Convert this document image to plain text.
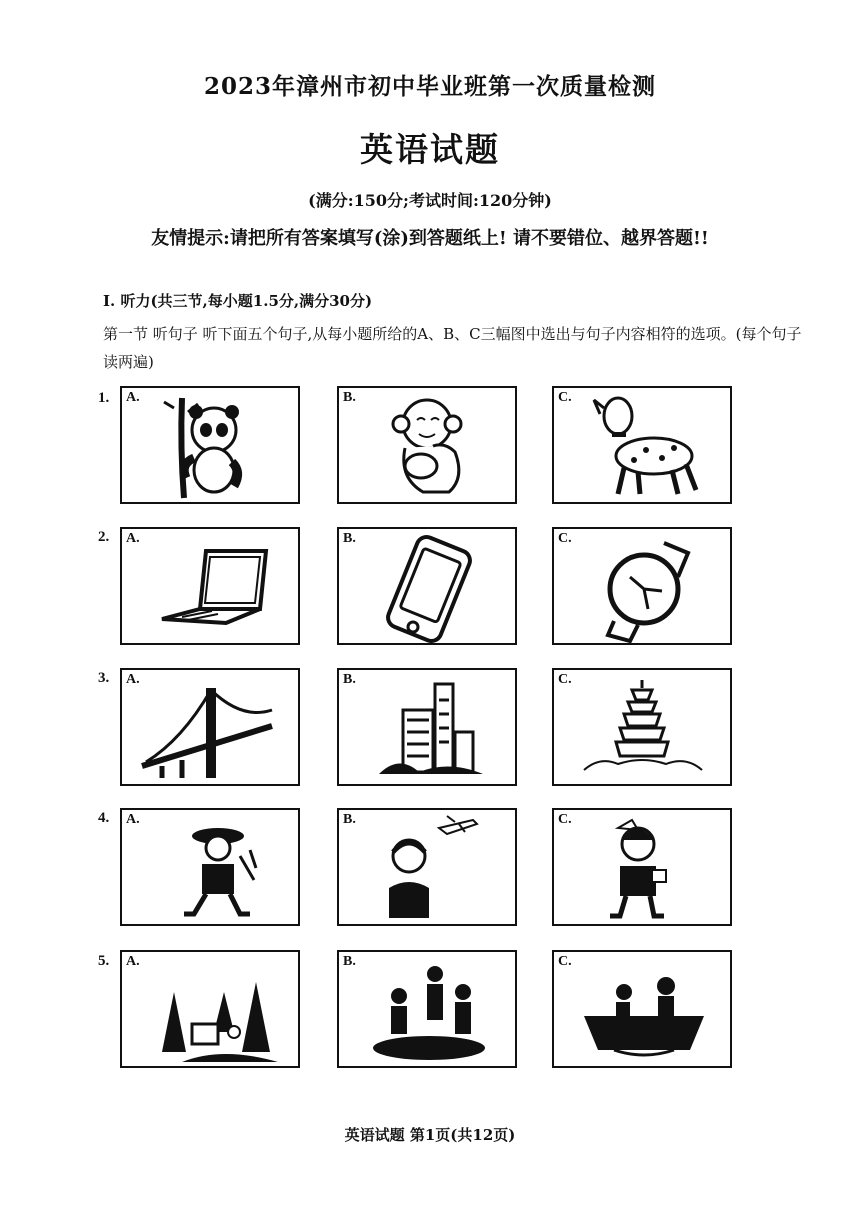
2023年漳州市初中毕业班第一次质量检测
英语试题
(满分:150分;考试时间:120分钟)
友情提示:请把所有答案填写(涂)到答题纸上! 请不要错位、越界答题!!
Ⅰ. 听力(共三节,每小题1.5分,满分30分)
第一节 听句子 听下面五个句子,从每小题所给的A、B、C三幅图中选出与句子内容相符的选项。(每个句子读两遍)
1. A.	B.	C.
2. A.	B.	C.
3. A.	B.	C.
4. A.	B.	C.
5. A.	B.	C.
英语试题 第1页(共12页)
